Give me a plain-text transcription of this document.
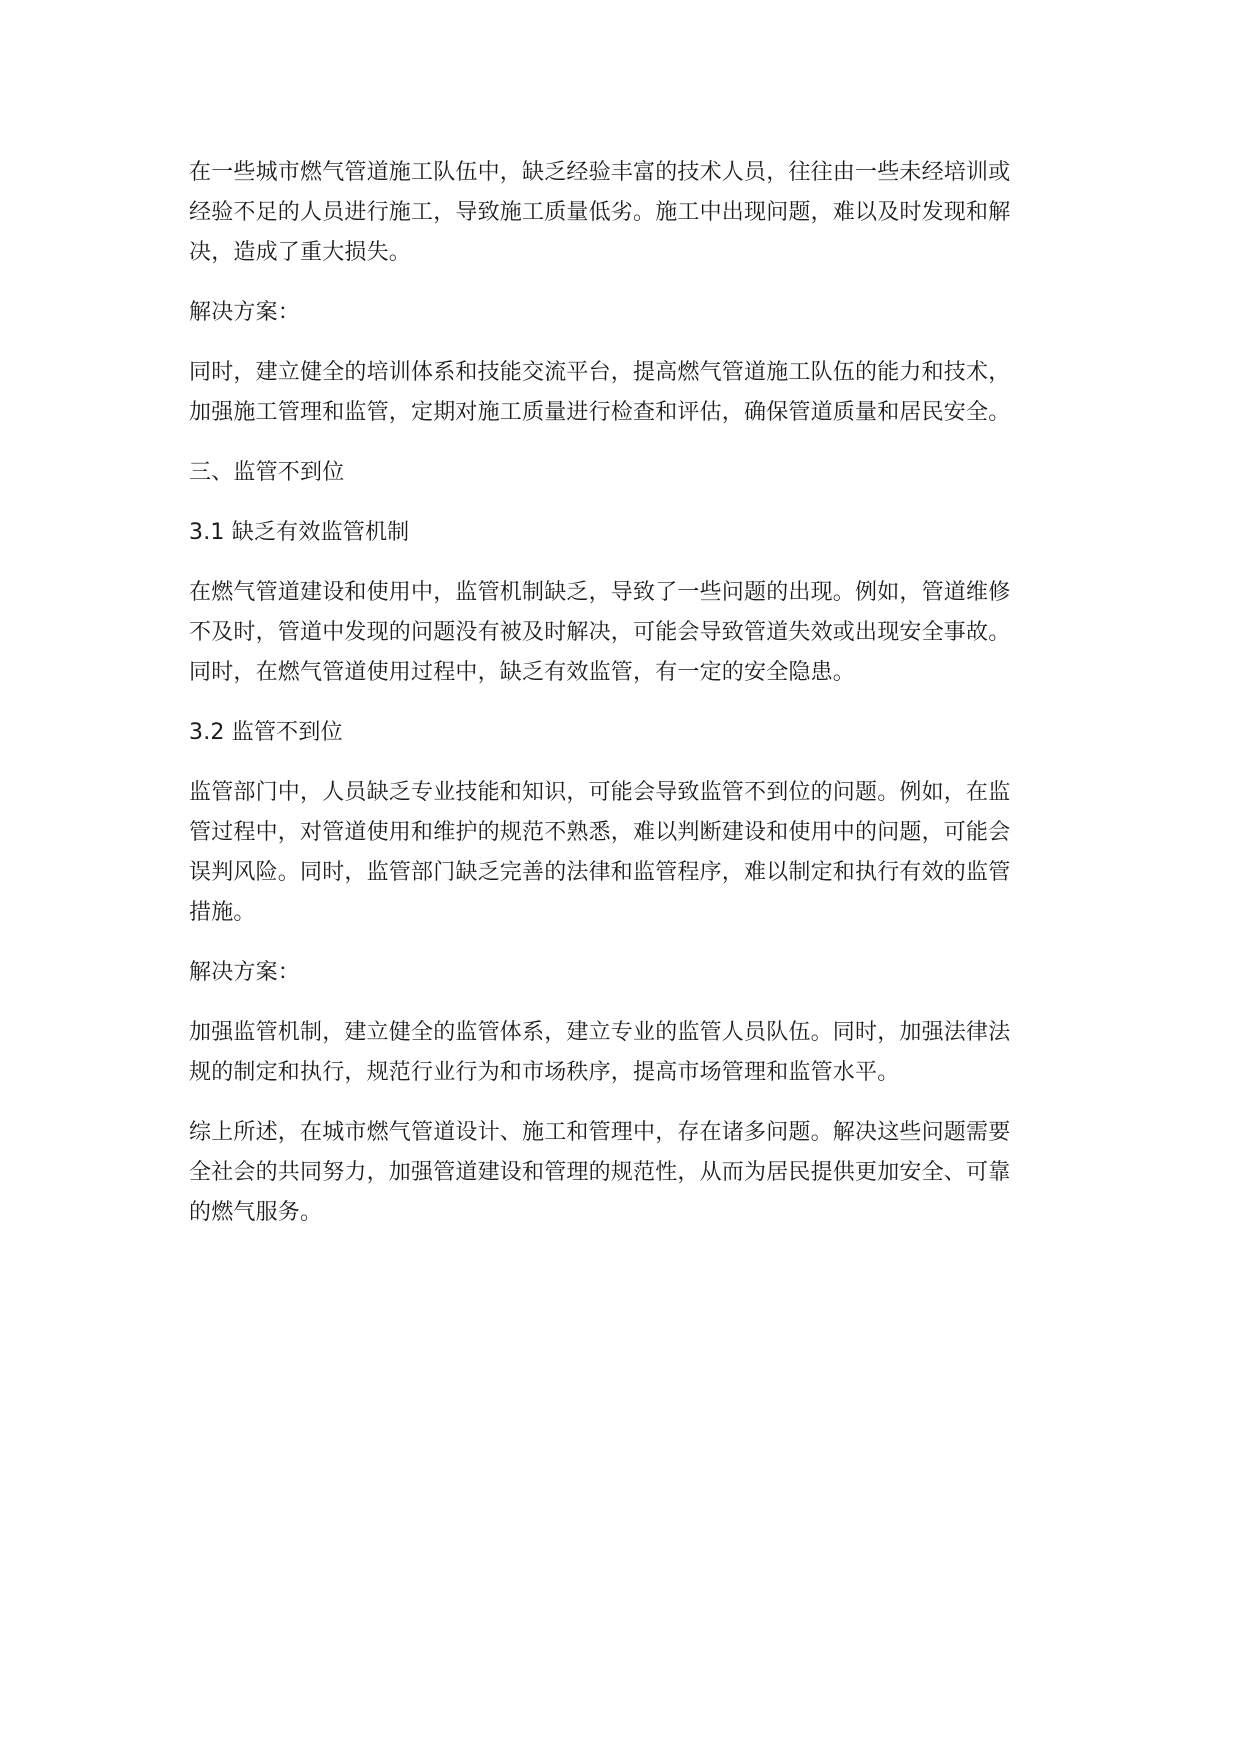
在一些城市燃气管道施工队伍中，缺乏经验丰富的技术人员，往往由一些未经培训或
经验不足的人员进行施工，导致施工质量低劣。施工中出现问题，难以及时发现和解
决，造成了重大损失。

解决方案：

同时，建立健全的培训体系和技能交流平台，提高燃气管道施工队伍的能力和技术，
加强施工管理和监管，定期对施工质量进行检查和评估，确保管道质量和居民安全。

三、监管不到位

3.1 缺乏有效监管机制

在燃气管道建设和使用中，监管机制缺乏，导致了一些问题的出现。例如，管道维修
不及时，管道中发现的问题没有被及时解决，可能会导致管道失效或出现安全事故。
同时，在燃气管道使用过程中，缺乏有效监管，有一定的安全隐患。

3.2 监管不到位

监管部门中，人员缺乏专业技能和知识，可能会导致监管不到位的问题。例如，在监
管过程中，对管道使用和维护的规范不熟悉，难以判断建设和使用中的问题，可能会
误判风险。同时，监管部门缺乏完善的法律和监管程序，难以制定和执行有效的监管
措施。

解决方案：

加强监管机制，建立健全的监管体系，建立专业的监管人员队伍。同时，加强法律法
规的制定和执行，规范行业行为和市场秩序，提高市场管理和监管水平。

综上所述，在城市燃气管道设计、施工和管理中，存在诸多问题。解决这些问题需要
全社会的共同努力，加强管道建设和管理的规范性，从而为居民提供更加安全、可靠
的燃气服务。
